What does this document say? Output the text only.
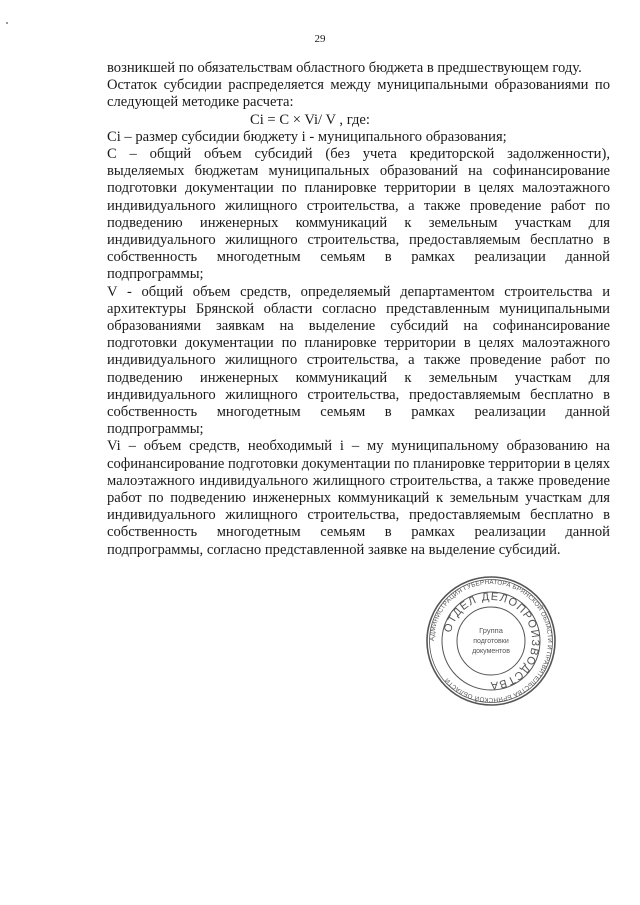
29

возникшей по обязательствам областного бюджета в предшествующем году.

Остаток субсидии распределяется между муниципальными образованиями по следующей методике расчета:

Ci = C × Vi/ V , где:

Ci – размер субсидии бюджету i - муниципального образования;

С – общий объем субсидий (без учета кредиторской задолженности), выделяемых бюджетам муниципальных образований на софинансирование подготовки документации по планировке территории в целях малоэтажного индивидуального жилищного строительства, а также проведение работ по подведению инженерных коммуникаций к земельным участкам для индивидуального жилищного строительства, предоставляемым бесплатно в собственность многодетным семьям в рамках реализации данной подпрограммы;

V - общий объем средств, определяемый департаментом строительства и архитектуры Брянской области согласно представленным муниципальными образованиями заявкам на выделение субсидий на софинансирование подготовки документации по планировке территории в целях малоэтажного индивидуального жилищного строительства, а также проведение работ по подведению инженерных коммуникаций к земельным участкам для индивидуального жилищного строительства, предоставляемым бесплатно в собственность многодетным семьям в рамках реализации данной подпрограммы;

Vi – объем средств, необходимый i – му муниципальному образованию на софинансирование подготовки документации по планировке территории в целях малоэтажного индивидуального жилищного строительства, а также проведение работ по подведению инженерных коммуникаций к земельным участкам для индивидуального жилищного строительства, предоставляемым бесплатно в собственность многодетным семьям в рамках реализации данной подпрограммы, согласно представленной заявке на выделение субсидий.

АДМИНИСТРАЦИЯ ГУБЕРНАТОРА БРЯНСКОЙ ОБЛАСТИ И ПРАВИТЕЛЬСТВА БРЯНСКОЙ ОБЛАСТИ
ОТДЕЛ ДЕЛОПРОИЗВОДСТВА
Группа
подготовки
документов
